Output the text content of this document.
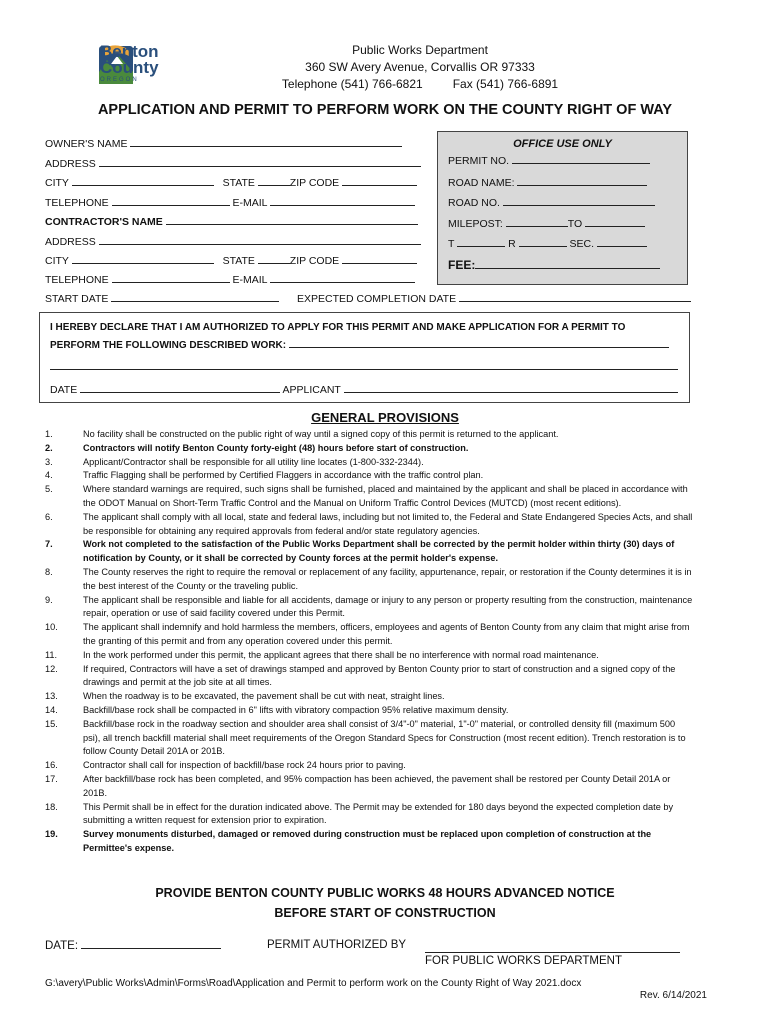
Benton
County
OREGON
Public Works Department
360 SW Avery Avenue, Corvallis OR 97333
Telephone (541) 766-6821	Fax (541) 766-6891
APPLICATION AND PERMIT TO PERFORM WORK ON THE COUNTY RIGHT OF WAY
OWNER'S NAME
ADDRESS
CITY	STATE	ZIP CODE
TELEPHONE	E-MAIL
CONTRACTOR'S NAME
ADDRESS
CITY	STATE	ZIP CODE
TELEPHONE	E-MAIL
START DATE	EXPECTED COMPLETION DATE
OFFICE USE ONLY
PERMIT NO.
ROAD NAME:
ROAD NO.
MILEPOST:	TO
T	R	SEC.
FEE:
I HEREBY DECLARE THAT I AM AUTHORIZED TO APPLY FOR THIS PERMIT AND MAKE APPLICATION FOR A PERMIT TO
PERFORM THE FOLLOWING DESCRIBED WORK:
DATE	APPLICANT
GENERAL PROVISIONS
1.	No facility shall be constructed on the public right of way until a signed copy of this permit is returned to the applicant.
2.	Contractors will notify Benton County forty-eight (48) hours before start of construction.
3.	Applicant/Contractor shall be responsible for all utility line locates (1-800-332-2344).
4.	Traffic Flagging shall be performed by Certified Flaggers in accordance with the traffic control plan.
5.	Where standard warnings are required, such signs shall be furnished, placed and maintained by the applicant and shall be placed in accordance with the ODOT Manual on Short-Term Traffic Control and the Manual on Uniform Traffic Control Devices (MUTCD) (most recent editions).
6.	The applicant shall comply with all local, state and federal laws, including but not limited to, the Federal and State Endangered Species Acts, and shall be responsible for obtaining any required approvals from federal and/or state regulatory agencies.
7.	Work not completed to the satisfaction of the Public Works Department shall be corrected by the permit holder within thirty (30) days of notification by County, or it shall be corrected by County forces at the permit holder's expense.
8.	The County reserves the right to require the removal or replacement of any facility, appurtenance, repair, or restoration if the County determines it is in the best interest of the County or the traveling public.
9.	The applicant shall be responsible and liable for all accidents, damage or injury to any person or property resulting from the construction, maintenance repair, operation or use of said facility covered under this Permit.
10.	The applicant shall indemnify and hold harmless the members, officers, employees and agents of Benton County from any claim that might arise from the granting of this permit and from any operation covered under this permit.
11.	In the work performed under this permit, the applicant agrees that there shall be no interference with normal road maintenance.
12.	If required, Contractors will have a set of drawings stamped and approved by Benton County prior to start of construction and a signed copy of the drawings and permit at the job site at all times.
13.	When the roadway is to be excavated, the pavement shall be cut with neat, straight lines.
14.	Backfill/base rock shall be compacted in 6" lifts with vibratory compaction 95% relative maximum density.
15.	Backfill/base rock in the roadway section and shoulder area shall consist of 3/4"-0" material, 1"-0" material, or controlled density fill (maximum 500 psi), all trench backfill material shall meet requirements of the Oregon Standard Specs for Construction (most recent edition). Trench restoration is to follow County Detail 201A or 201B.
16.	Contractor shall call for inspection of backfill/base rock 24 hours prior to paving.
17.	After backfill/base rock has been completed, and 95% compaction has been achieved, the pavement shall be restored per County Detail 201A or 201B.
18.	This Permit shall be in effect for the duration indicated above. The Permit may be extended for 180 days beyond the expected completion date by submitting a written request for extension prior to expiration.
19.	Survey monuments disturbed, damaged or removed during construction must be replaced upon completion of construction at the Permittee's expense.
PROVIDE BENTON COUNTY PUBLIC WORKS 48 HOURS ADVANCED NOTICE
BEFORE START OF CONSTRUCTION
DATE:	PERMIT AUTHORIZED BY
FOR PUBLIC WORKS DEPARTMENT
G:\avery\Public Works\Admin\Forms\Road\Application and Permit to perform work on the County Right of Way 2021.docx
Rev. 6/14/2021
